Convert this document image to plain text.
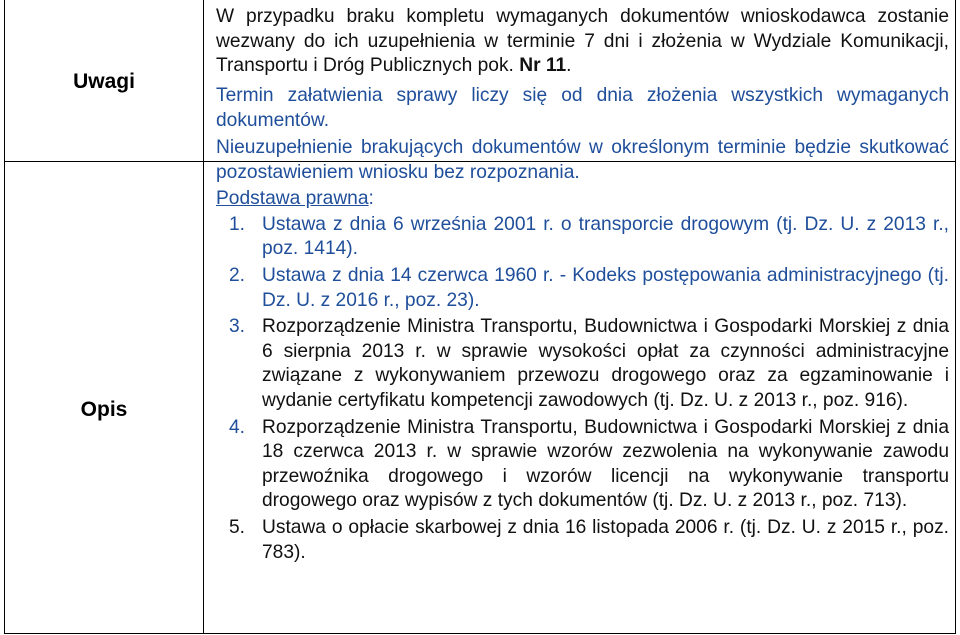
Uwagi
Opis
W przypadku braku kompletu wymaganych dokumentów wnioskodawca zostanie wezwany do ich uzupełnienia w terminie 7 dni i złożenia w Wydziale Komunikacji, Transportu i Dróg Publicznych pok. Nr 11.
Termin załatwienia sprawy liczy się od dnia złożenia wszystkich wymaganych dokumentów.
Nieuzupełnienie brakujących dokumentów w określonym terminie będzie skutkować pozostawieniem wniosku bez rozpoznania.
Podstawa prawna:
1. Ustawa z dnia 6 września 2001 r. o transporcie drogowym (tj. Dz. U. z 2013 r., poz. 1414).
2. Ustawa z dnia 14 czerwca 1960 r. - Kodeks postępowania administracyjnego (tj. Dz. U. z 2016 r., poz. 23).
3. Rozporządzenie Ministra Transportu, Budownictwa i Gospodarki Morskiej z dnia 6 sierpnia 2013 r. w sprawie wysokości opłat za czynności administracyjne związane z wykonywaniem przewozu drogowego oraz za egzaminowanie i wydanie certyfikatu kompetencji zawodowych (tj. Dz. U. z 2013 r., poz. 916).
4. Rozporządzenie Ministra Transportu, Budownictwa i Gospodarki Morskiej z dnia 18 czerwca 2013 r. w sprawie wzorów zezwolenia na wykonywanie zawodu przewoźnika drogowego i wzorów licencji na wykonywanie transportu drogowego oraz wypisów z tych dokumentów (tj. Dz. U. z 2013 r., poz. 713).
5. Ustawa o opłacie skarbowej z dnia 16 listopada 2006 r. (tj. Dz. U. z 2015 r., poz. 783).
